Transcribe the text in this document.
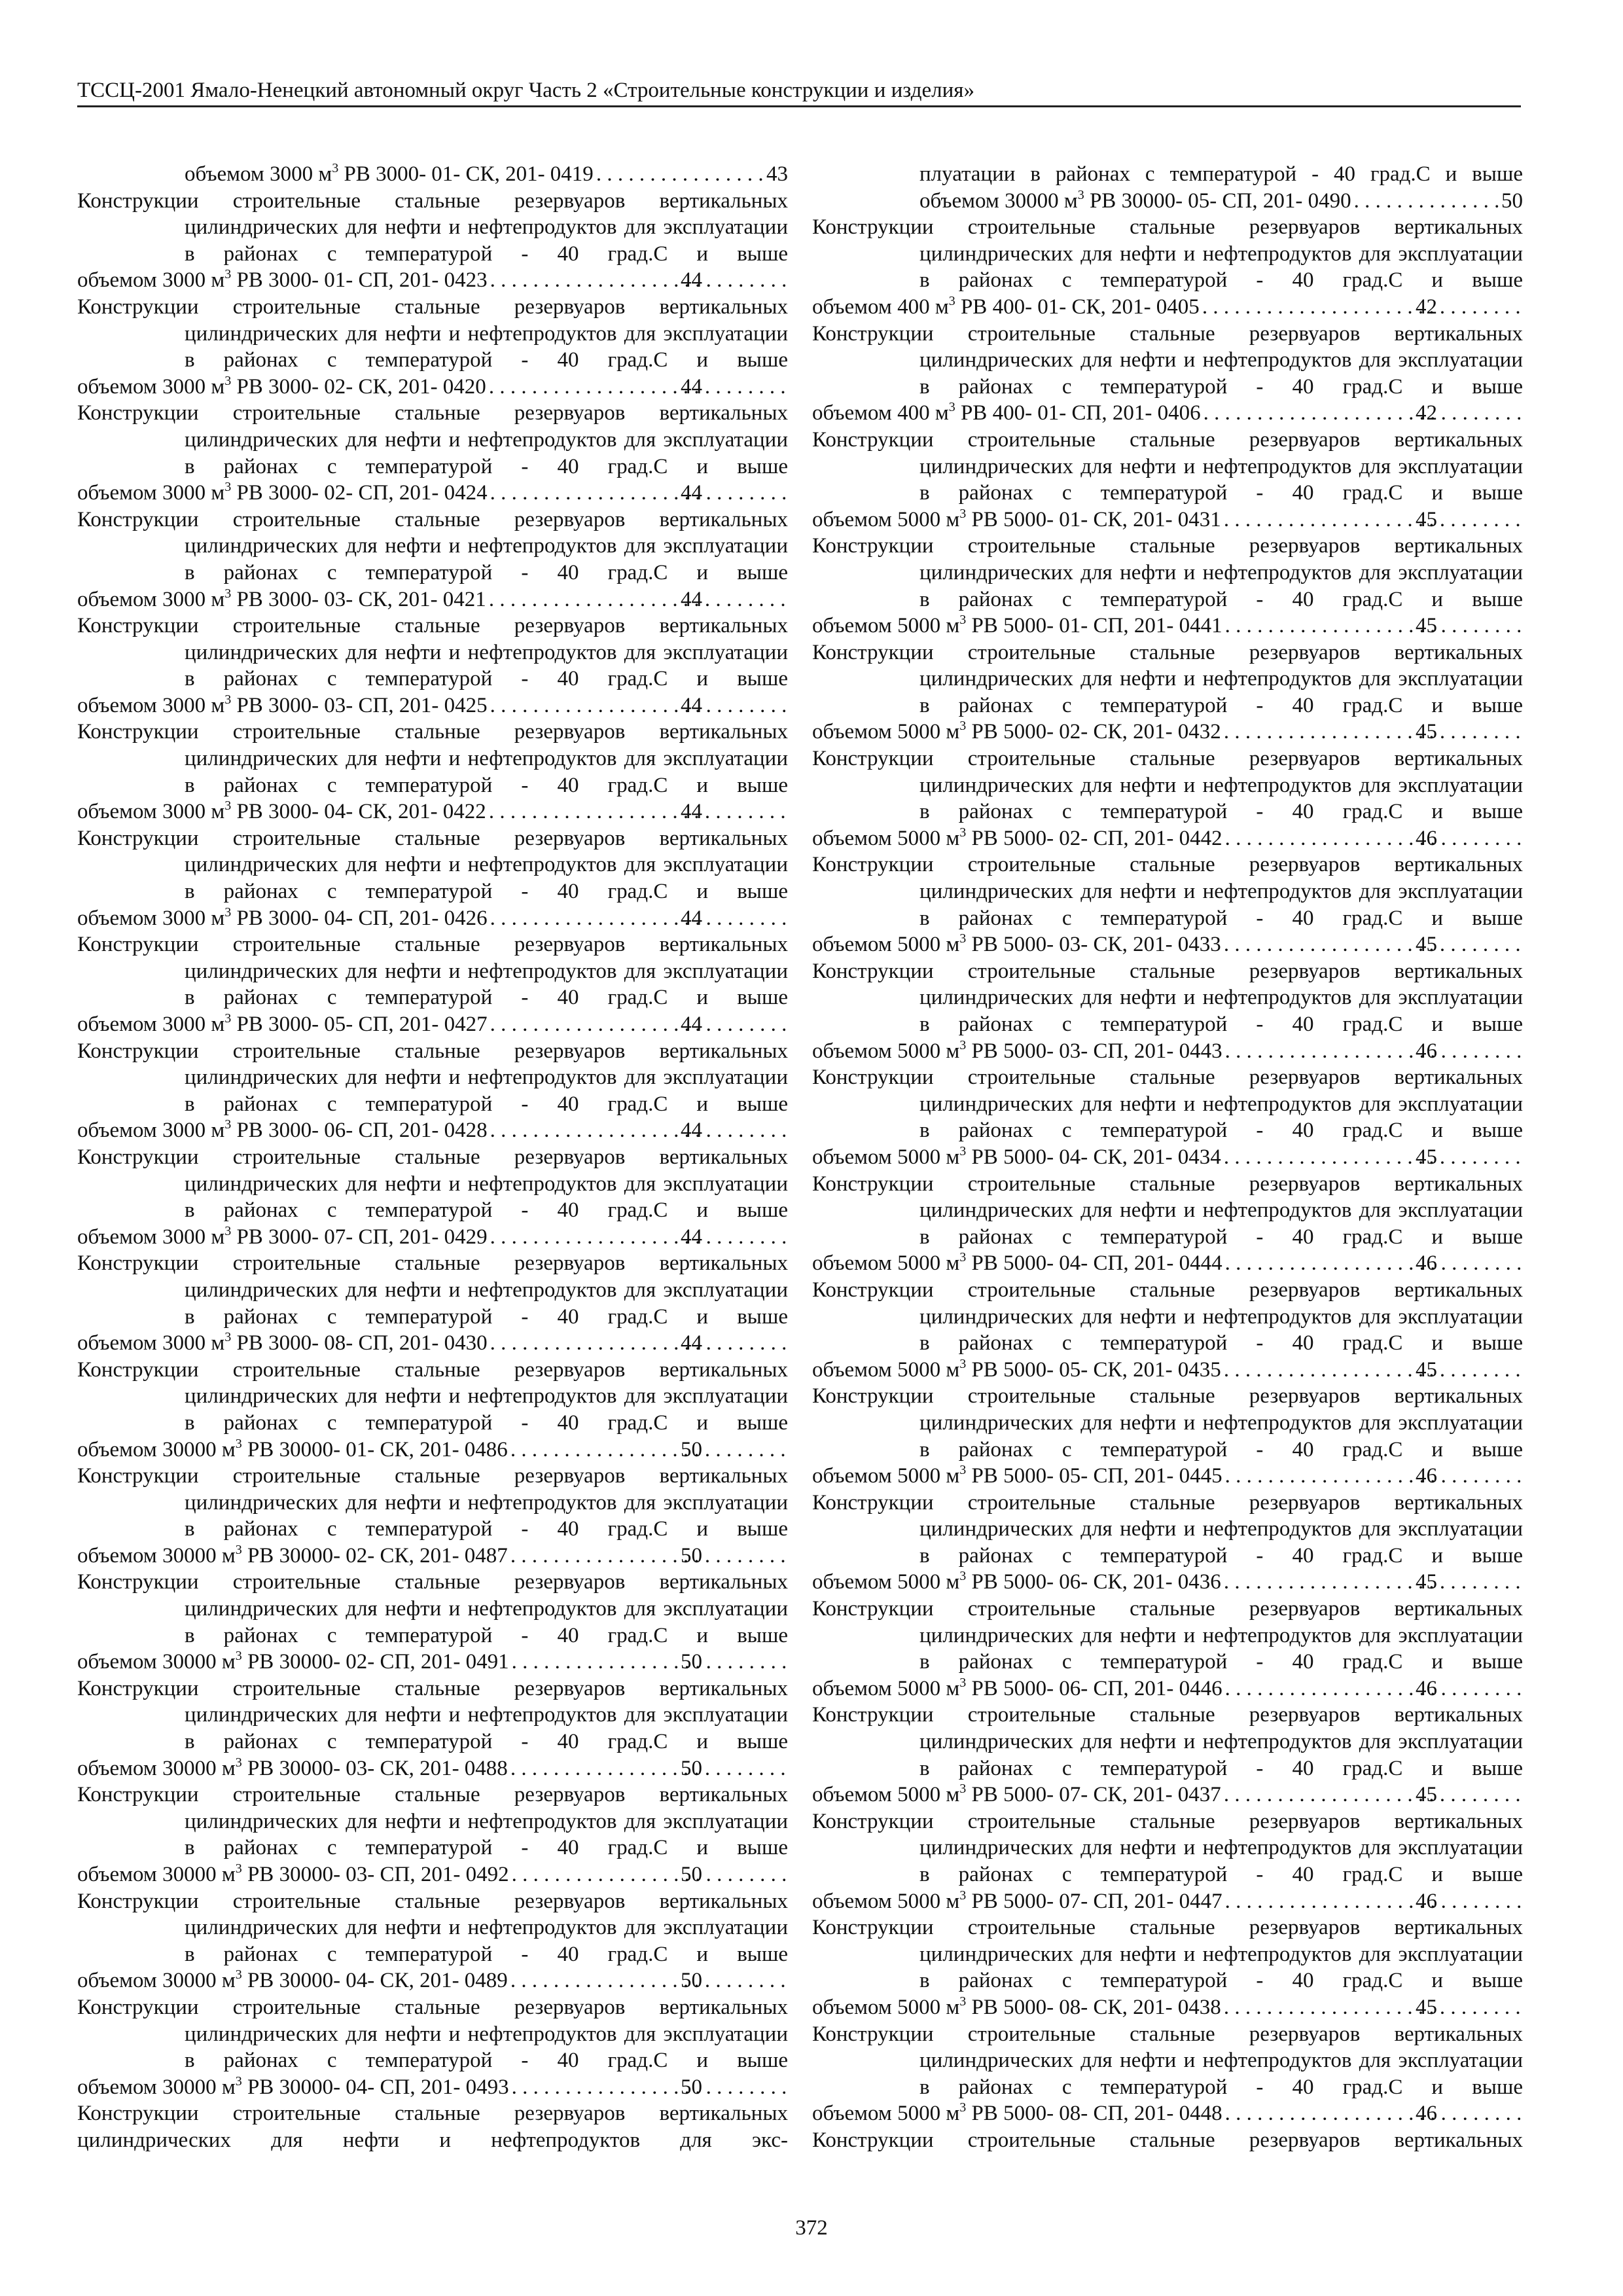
ТССЦ-2001 Ямало-Ненецкий автономный округ Часть 2 «Строительные конструкции и изделия»

объемом 3000 $м^3$ РВ 3000- 01- СК, 201- 0419 . . .	43

Конструкции строительные стальные резервуаров вертикальных цилиндрических для нефти и нефтепродуктов для эксплуатации в районах с температурой - 40 град.С и выше
объемом 3000 $м^3$ РВ 3000- 01- СП, 201- 0423 . . .	44

Конструкции строительные стальные резервуаров вертикальных цилиндрических для нефти и нефтепродуктов для эксплуатации в районах с температурой - 40 град.С и выше
объемом 3000 $м^3$ РВ 3000- 02- СК, 201- 0420 . . .	44

Конструкции строительные стальные резервуаров вертикальных цилиндрических для нефти и нефтепродуктов для эксплуатации в районах с температурой - 40 град.С и выше
объемом 3000 $м^3$ РВ 3000- 02- СП, 201- 0424 . . .	44

Конструкции строительные стальные резервуаров вертикальных цилиндрических для нефти и нефтепродуктов для эксплуатации в районах с температурой - 40 град.С и выше
объемом 3000 $м^3$ РВ 3000- 03- СК, 201- 0421 . . .	44

Конструкции строительные стальные резервуаров вертикальных цилиндрических для нефти и нефтепродуктов для эксплуатации в районах с температурой - 40 град.С и выше
объемом 3000 $м^3$ РВ 3000- 03- СП, 201- 0425 . . .	44

Конструкции строительные стальные резервуаров вертикальных цилиндрических для нефти и нефтепродуктов для эксплуатации в районах с температурой - 40 град.С и выше
объемом 3000 $м^3$ РВ 3000- 04- СК, 201- 0422 . . .	44

Конструкции строительные стальные резервуаров вертикальных цилиндрических для нефти и нефтепродуктов для эксплуатации в районах с температурой - 40 град.С и выше
объемом 3000 $м^3$ РВ 3000- 04- СП, 201- 0426 . . .	44

Конструкции строительные стальные резервуаров вертикальных цилиндрических для нефти и нефтепродуктов для эксплуатации в районах с температурой - 40 град.С и выше
объемом 3000 $м^3$ РВ 3000- 05- СП, 201- 0427 . . .	44

Конструкции строительные стальные резервуаров вертикальных цилиндрических для нефти и нефтепродуктов для эксплуатации в районах с температурой - 40 град.С и выше
объемом 3000 $м^3$ РВ 3000- 06- СП, 201- 0428 . . .	44

Конструкции строительные стальные резервуаров вертикальных цилиндрических для нефти и нефтепродуктов для эксплуатации в районах с температурой - 40 град.С и выше
объемом 3000 $м^3$ РВ 3000- 07- СП, 201- 0429 . . .	44

Конструкции строительные стальные резервуаров вертикальных цилиндрических для нефти и нефтепродуктов для эксплуатации в районах с температурой - 40 град.С и выше
объемом 3000 $м^3$ РВ 3000- 08- СП, 201- 0430 . . .	44

Конструкции строительные стальные резервуаров вертикальных цилиндрических для нефти и нефтепродуктов для эксплуатации в районах с температурой - 40 град.С и выше
объемом 30000 $м^3$ РВ 30000- 01- СК, 201- 0486 . . .	50

Конструкции строительные стальные резервуаров вертикальных цилиндрических для нефти и нефтепродуктов для эксплуатации в районах с температурой - 40 град.С и выше
объемом 30000 $м^3$ РВ 30000- 02- СК, 201- 0487 . . .	50

Конструкции строительные стальные резервуаров вертикальных цилиндрических для нефти и нефтепродуктов для эксплуатации в районах с температурой - 40 град.С и выше
объемом 30000 $м^3$ РВ 30000- 02- СП, 201- 0491 . . .	50

Конструкции строительные стальные резервуаров вертикальных цилиндрических для нефти и нефтепродуктов для эксплуатации в районах с температурой - 40 град.С и выше
объемом 30000 $м^3$ РВ 30000- 03- СК, 201- 0488 . . .	50

Конструкции строительные стальные резервуаров вертикальных цилиндрических для нефти и нефтепродуктов для эксплуатации в районах с температурой - 40 град.С и выше
объемом 30000 $м^3$ РВ 30000- 03- СП, 201- 0492 . . .	50

Конструкции строительные стальные резервуаров вертикальных цилиндрических для нефти и нефтепродуктов для эксплуатации в районах с температурой - 40 град.С и выше
объемом 30000 $м^3$ РВ 30000- 04- СК, 201- 0489 . . .	50

Конструкции строительные стальные резервуаров вертикальных цилиндрических для нефти и нефтепродуктов для эксплуатации в районах с температурой - 40 град.С и выше
объемом 30000 $м^3$ РВ 30000- 04- СП, 201- 0493 . . .	50

Конструкции строительные стальные резервуаров вертикальных
цилиндрических для нефти и нефтепродуктов для экс-

плуатации в районах с температурой - 40 град.С и выше
объемом 30000 $м^3$ РВ 30000- 05- СП, 201- 0490 . . .	50

Конструкции строительные стальные резервуаров вертикальных цилиндрических для нефти и нефтепродуктов для эксплуатации в районах с температурой - 40 град.С и выше
объемом 400 $м^3$ РВ 400- 01- СК, 201- 0405 . . .	42

Конструкции строительные стальные резервуаров вертикальных цилиндрических для нефти и нефтепродуктов для эксплуатации в районах с температурой - 40 град.С и выше
объемом 400 $м^3$ РВ 400- 01- СП, 201- 0406 . . .	42

Конструкции строительные стальные резервуаров вертикальных цилиндрических для нефти и нефтепродуктов для эксплуатации в районах с температурой - 40 град.С и выше
объемом 5000 $м^3$ РВ 5000- 01- СК, 201- 0431 . . .	45

Конструкции строительные стальные резервуаров вертикальных цилиндрических для нефти и нефтепродуктов для эксплуатации в районах с температурой - 40 град.С и выше
объемом 5000 $м^3$ РВ 5000- 01- СП, 201- 0441 . . .	45

Конструкции строительные стальные резервуаров вертикальных цилиндрических для нефти и нефтепродуктов для эксплуатации в районах с температурой - 40 град.С и выше
объемом 5000 $м^3$ РВ 5000- 02- СК, 201- 0432 . . .	45

Конструкции строительные стальные резервуаров вертикальных цилиндрических для нефти и нефтепродуктов для эксплуатации в районах с температурой - 40 град.С и выше
объемом 5000 $м^3$ РВ 5000- 02- СП, 201- 0442 . . .	46

Конструкции строительные стальные резервуаров вертикальных цилиндрических для нефти и нефтепродуктов для эксплуатации в районах с температурой - 40 град.С и выше
объемом 5000 $м^3$ РВ 5000- 03- СК, 201- 0433 . . .	45

Конструкции строительные стальные резервуаров вертикальных цилиндрических для нефти и нефтепродуктов для эксплуатации в районах с температурой - 40 град.С и выше
объемом 5000 $м^3$ РВ 5000- 03- СП, 201- 0443 . . .	46

Конструкции строительные стальные резервуаров вертикальных цилиндрических для нефти и нефтепродуктов для эксплуатации в районах с температурой - 40 град.С и выше
объемом 5000 $м^3$ РВ 5000- 04- СК, 201- 0434 . . .	45

Конструкции строительные стальные резервуаров вертикальных цилиндрических для нефти и нефтепродуктов для эксплуатации в районах с температурой - 40 град.С и выше
объемом 5000 $м^3$ РВ 5000- 04- СП, 201- 0444 . . .	46

Конструкции строительные стальные резервуаров вертикальных цилиндрических для нефти и нефтепродуктов для эксплуатации в районах с температурой - 40 град.С и выше
объемом 5000 $м^3$ РВ 5000- 05- СК, 201- 0435 . . .	45

Конструкции строительные стальные резервуаров вертикальных цилиндрических для нефти и нефтепродуктов для эксплуатации в районах с температурой - 40 град.С и выше
объемом 5000 $м^3$ РВ 5000- 05- СП, 201- 0445 . . .	46

Конструкции строительные стальные резервуаров вертикальных цилиндрических для нефти и нефтепродуктов для эксплуатации в районах с температурой - 40 град.С и выше
объемом 5000 $м^3$ РВ 5000- 06- СК, 201- 0436 . . .	45

Конструкции строительные стальные резервуаров вертикальных цилиндрических для нефти и нефтепродуктов для эксплуатации в районах с температурой - 40 град.С и выше
объемом 5000 $м^3$ РВ 5000- 06- СП, 201- 0446 . . .	46

Конструкции строительные стальные резервуаров вертикальных цилиндрических для нефти и нефтепродуктов для эксплуатации в районах с температурой - 40 град.С и выше
объемом 5000 $м^3$ РВ 5000- 07- СК, 201- 0437 . . .	45

Конструкции строительные стальные резервуаров вертикальных цилиндрических для нефти и нефтепродуктов для эксплуатации в районах с температурой - 40 град.С и выше
объемом 5000 $м^3$ РВ 5000- 07- СП, 201- 0447 . . .	46

Конструкции строительные стальные резервуаров вертикальных цилиндрических для нефти и нефтепродуктов для эксплуатации в районах с температурой - 40 град.С и выше
объемом 5000 $м^3$ РВ 5000- 08- СК, 201- 0438 . . .	45

Конструкции строительные стальные резервуаров вертикальных цилиндрических для нефти и нефтепродуктов для эксплуатации в районах с температурой - 40 град.С и выше
объемом 5000 $м^3$ РВ 5000- 08- СП, 201- 0448 . . .	46

Конструкции строительные стальные резервуаров вертикальных

372
